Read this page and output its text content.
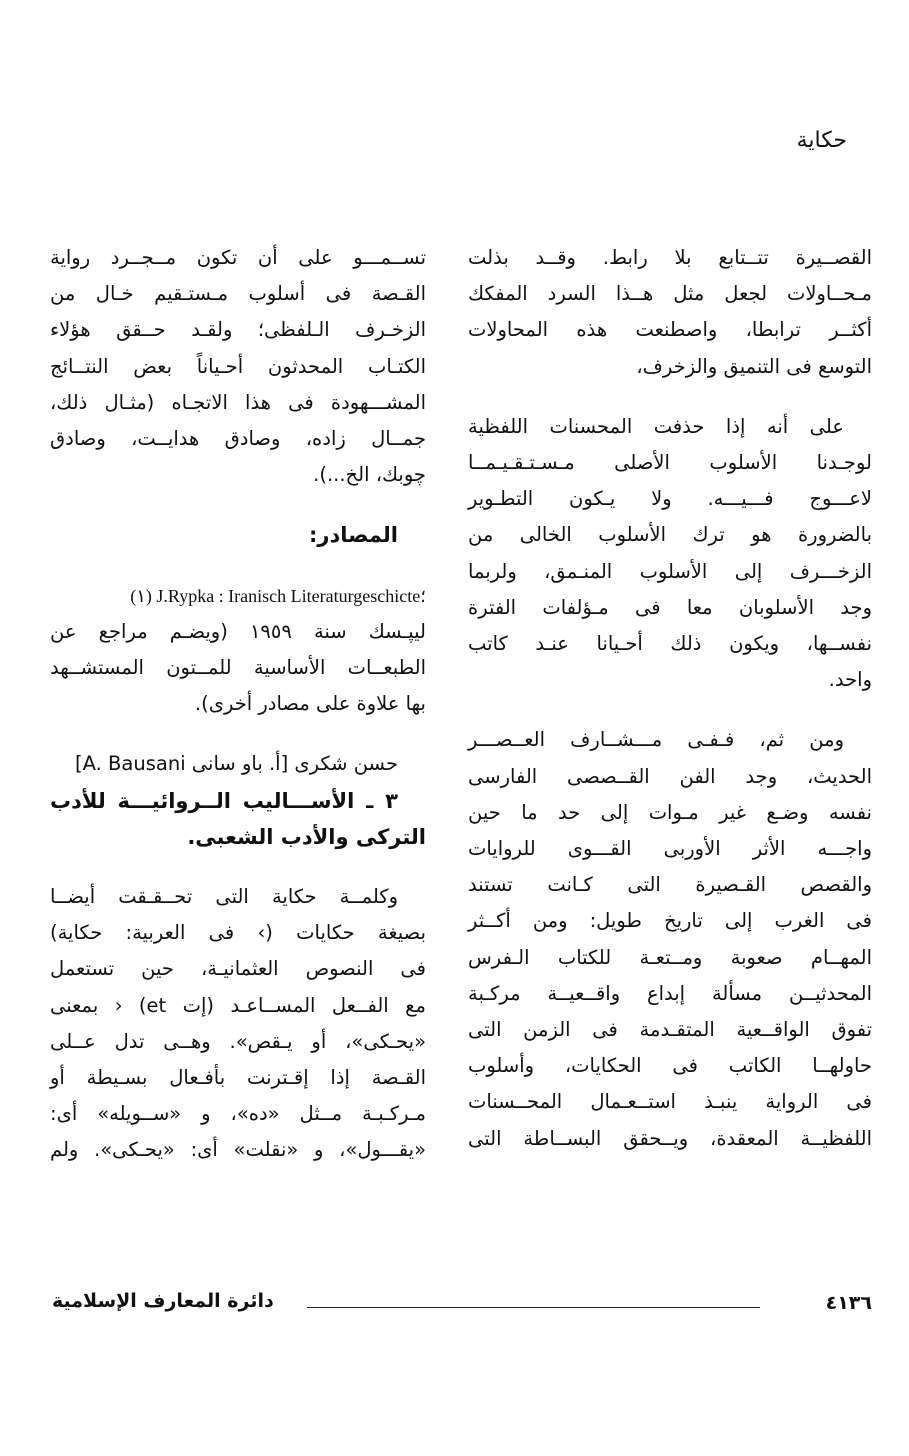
حكاية
القصــيرة تتــتابع بلا رابط. وقــد بذلت
مـحــاولات لجعل مثل هــذا السرد المفكك
أكثــر ترابطا، واصطنعت هذه المحاولات
التوسع فى التنميق والزخرف،
على أنه إذا حذفت المحسنات اللفظية
لوجـدنا الأسلوب الأصلى مـسـتـقـيـمــا
لاعـــوج فـــيـــه. ولا يـكون التطـوير
بالضرورة هو ترك الأسلوب الخالى من
الزخـــرف إلى الأسلوب المنـمق، ولربما
وجد الأسلوبان معا فى مـؤلفات الفترة
نفســها، ويكون ذلك أحـيانا عنـد كاتب
واحد.
ومن ثم، فـفـى مـــشــارف العــصـــر
الحديث، وجد الفن القــصصى الفارسى
نفسه وضـع غير مـوات إلى حد ما حين
واجـــه الأثر الأوربى القـــوى للروايات
والقصص القـصيرة التى كـانت تستند
فى الغرب إلى تاريخ طويل: ومن أكــثر
المهــام صعوبة ومــتعـة للكتاب الـفرس
المحدثيــن مسألة إبداع واقــعيــة مركـبة
تفوق الواقــعية المتقـدمة فى الزمن التى
حاولهــا الكاتب فى الحكايات، وأسلوب
فى الرواية ينبـذ استــعـمال المحــسنات
اللفظيــة المعقدة، ويــحقق البســاطة التى
تســمـــو على أن تكون مــجــرد رواية
القـصة فى أسلوب مـستـقيم خـال من
الزخـرف الـلفظى؛ ولقـد حــقق هؤلاء
الكتـاب المحدثون أحـياناً بعض النتــائج
المشـــهودة فى هذا الاتجـاه (مثـال ذلك،
جمــال زاده، وصادق هدايــت، وصادق
چوبك، الخ...).
المصادر:
(١) J.Rypka : Iranisch Literaturgeschicte؛
ليپـسك سنة ١٩٥٩ (ويضـم مراجع عن
الطبعــات الأساسية للمــتون المستشــهد
بها علاوة على مصادر أخرى).
حسن شكرى [أ. باو سانى A. Bausani]
٣ ـ الأســـاليب الــروائيـــة للأدب
التركى والأدب الشعبى.
وكلمــة حكاية التى تحــقـقت أيضــا
بصيغة حكايات (› فى العربية: حكاية)
فى النصوص العثمانيـة، حين تستعمل
مع الفــعل المســاعـد (إت et) ‹ بمعنى
«يحـكى»، أو يـقص». وهــى تدل عــلى
القـصة إذا إقـترنت بأفـعال بسـيطة أو
مـركـبـة مــثل «ده»، و «ســويله» أى:
«يقـــول»، و «نقلت» أى: «يحـكى». ولم
دائرة المعارف الإسلامية	٤١٣٦
